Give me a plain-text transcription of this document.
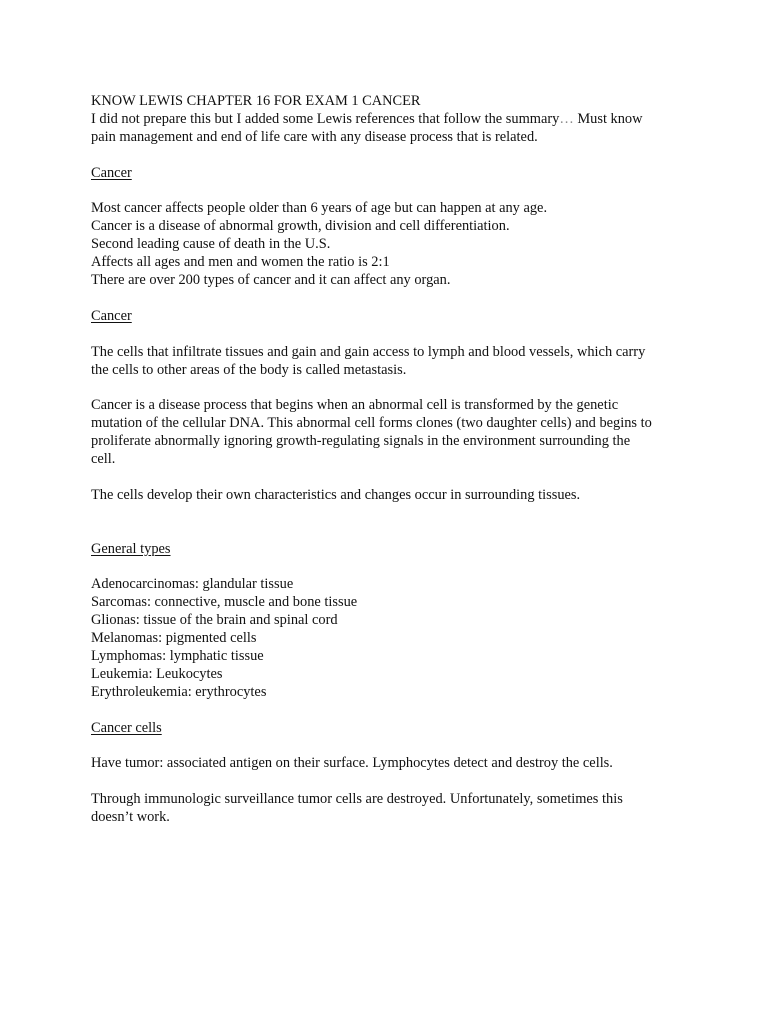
KNOW LEWIS CHAPTER 16 FOR EXAM 1 CANCER
I did not prepare this but I added some Lewis references that follow the summary… Must know
pain management and end of life care with any disease process that is related.
Cancer
Most cancer affects people older than 6 years of age but can happen at any age.
Cancer is a disease of abnormal growth, division and cell differentiation.
Second leading cause of death in the U.S.
Affects all ages and men and women the ratio is 2:1
There are over 200 types of cancer and it can affect any organ.
Cancer
The cells that infiltrate tissues and gain and gain access to lymph and blood vessels, which carry
the cells to other areas of the body is called metastasis.
Cancer is a disease process that begins when an abnormal cell is transformed by the genetic
mutation of the cellular DNA. This abnormal cell forms clones (two daughter cells) and begins to
proliferate abnormally ignoring growth-regulating signals in the environment surrounding the
cell.
The cells develop their own characteristics and changes occur in surrounding tissues.
General types
Adenocarcinomas: glandular tissue
Sarcomas: connective, muscle and bone tissue
Glionas: tissue of the brain and spinal cord
Melanomas: pigmented cells
Lymphomas: lymphatic tissue
Leukemia: Leukocytes
Erythroleukemia: erythrocytes
Cancer cells
Have tumor: associated antigen on their surface. Lymphocytes detect and destroy the cells.
Through immunologic surveillance tumor cells are destroyed. Unfortunately, sometimes this
doesn’t work.
